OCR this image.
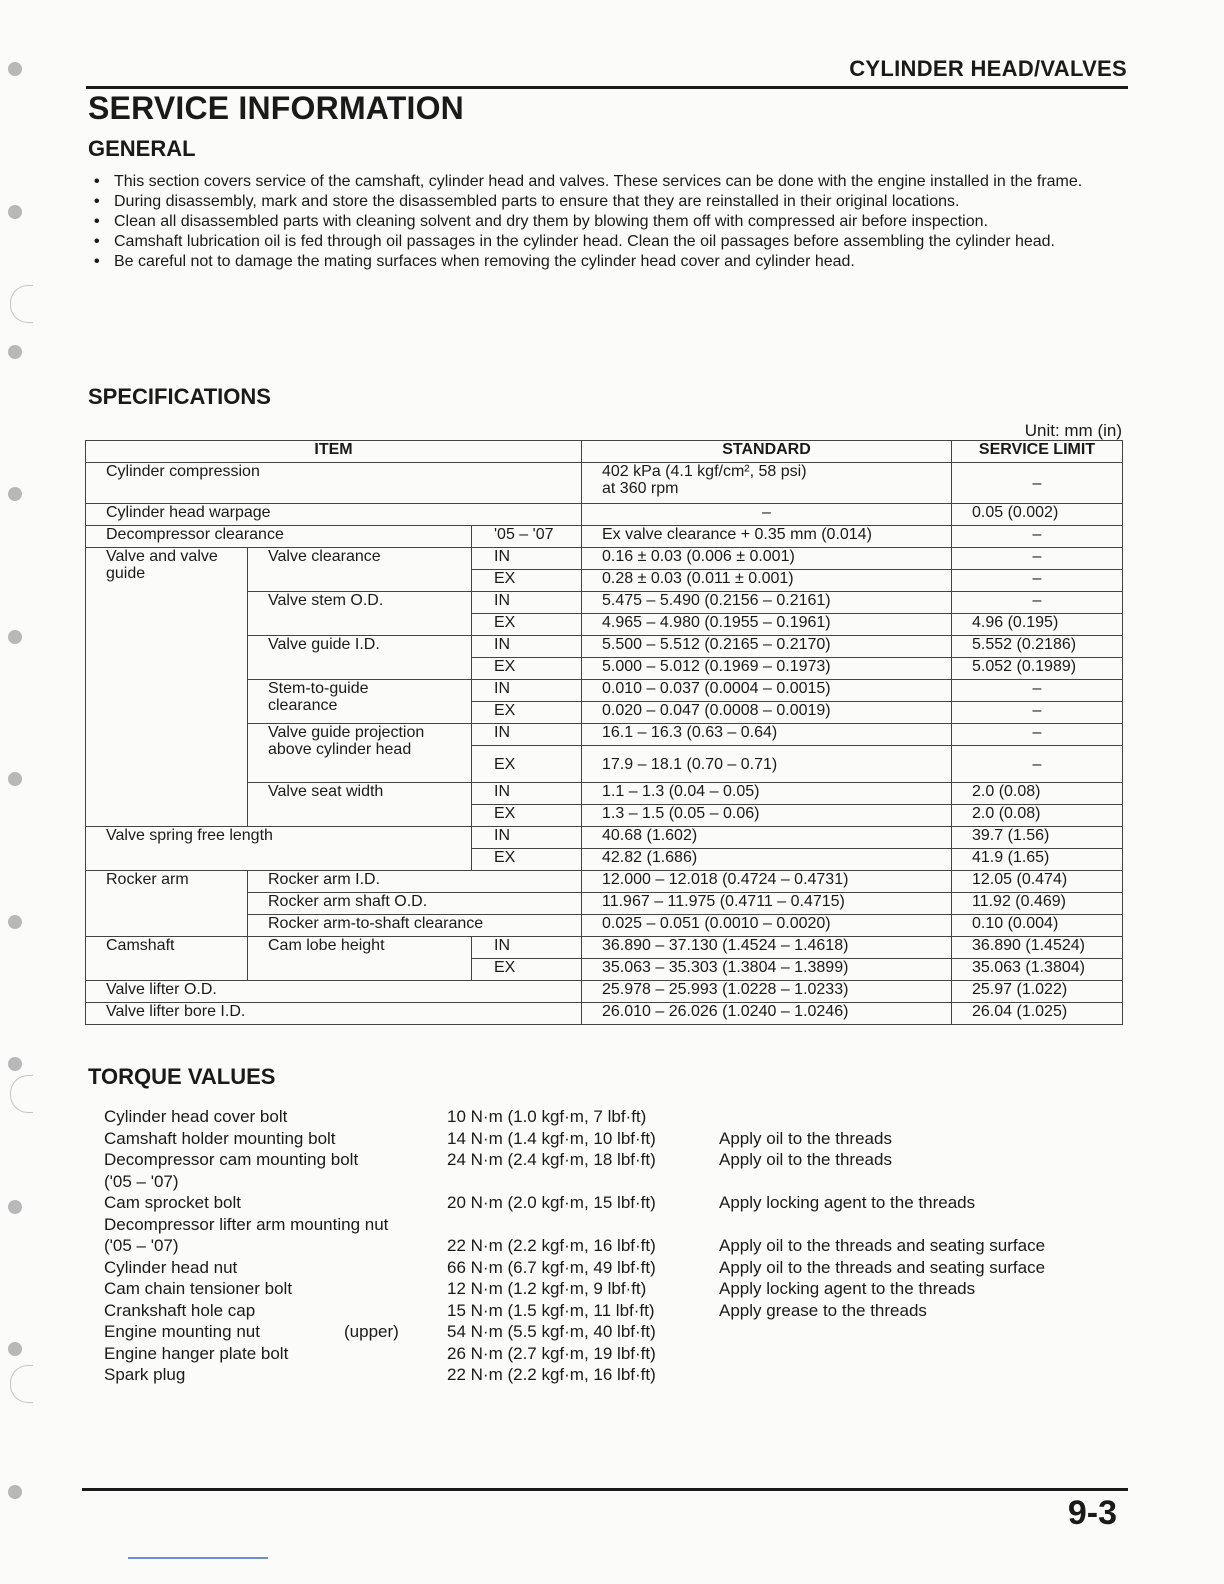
CYLINDER HEAD/VALVES
SERVICE INFORMATION
GENERAL
• This section covers service of the camshaft, cylinder head and valves. These services can be done with the engine installed in the frame.
• During disassembly, mark and store the disassembled parts to ensure that they are reinstalled in their original locations.
• Clean all disassembled parts with cleaning solvent and dry them by blowing them off with compressed air before inspection.
• Camshaft lubrication oil is fed through oil passages in the cylinder head. Clean the oil passages before assembling the cylinder head.
• Be careful not to damage the mating surfaces when removing the cylinder head cover and cylinder head.
SPECIFICATIONS
Unit: mm (in)
ITEM			STANDARD	SERVICE LIMIT
Cylinder compression			402 kPa (4.1 kgf/cm², 58 psi)
at 360 rpm	–
Cylinder head warpage			–	0.05 (0.002)
Decompressor clearance		'05 – '07	Ex valve clearance + 0.35 mm (0.014)	–
Valve and valve guide	Valve clearance	IN	0.16 ± 0.03 (0.006 ± 0.001)	–
		EX	0.28 ± 0.03 (0.011 ± 0.001)	–
	Valve stem O.D.	IN	5.475 – 5.490 (0.2156 – 0.2161)	–
		EX	4.965 – 4.980 (0.1955 – 0.1961)	4.96 (0.195)
	Valve guide I.D.	IN	5.500 – 5.512 (0.2165 – 0.2170)	5.552 (0.2186)
		EX	5.000 – 5.012 (0.1969 – 0.1973)	5.052 (0.1989)
	Stem-to-guide clearance	IN	0.010 – 0.037 (0.0004 – 0.0015)	–
		EX	0.020 – 0.047 (0.0008 – 0.0019)	–
	Valve guide projection above cylinder head	IN	16.1 – 16.3 (0.63 – 0.64)	–
		EX	17.9 – 18.1 (0.70 – 0.71)	–
	Valve seat width	IN	1.1 – 1.3 (0.04 – 0.05)	2.0 (0.08)
		EX	1.3 – 1.5 (0.05 – 0.06)	2.0 (0.08)
Valve spring free length		IN	40.68 (1.602)	39.7 (1.56)
		EX	42.82 (1.686)	41.9 (1.65)
Rocker arm	Rocker arm I.D.		12.000 – 12.018 (0.4724 – 0.4731)	12.05 (0.474)
	Rocker arm shaft O.D.		11.967 – 11.975 (0.4711 – 0.4715)	11.92 (0.469)
	Rocker arm-to-shaft clearance		0.025 – 0.051 (0.0010 – 0.0020)	0.10 (0.004)
Camshaft	Cam lobe height	IN	36.890 – 37.130 (1.4524 – 1.4618)	36.890 (1.4524)
		EX	35.063 – 35.303 (1.3804 – 1.3899)	35.063 (1.3804)
Valve lifter O.D.			25.978 – 25.993 (1.0228 – 1.0233)	25.97 (1.022)
Valve lifter bore I.D.			26.010 – 26.026 (1.0240 – 1.0246)	26.04 (1.025)
TORQUE VALUES
Cylinder head cover bolt	10 N·m (1.0 kgf·m, 7 lbf·ft)
Camshaft holder mounting bolt	14 N·m (1.4 kgf·m, 10 lbf·ft)	Apply oil to the threads
Decompressor cam mounting bolt	24 N·m (2.4 kgf·m, 18 lbf·ft)	Apply oil to the threads
('05 – '07)
Cam sprocket bolt	20 N·m (2.0 kgf·m, 15 lbf·ft)	Apply locking agent to the threads
Decompressor lifter arm mounting nut ('05 – '07)	22 N·m (2.2 kgf·m, 16 lbf·ft)	Apply oil to the threads and seating surface
Cylinder head nut	66 N·m (6.7 kgf·m, 49 lbf·ft)	Apply oil to the threads and seating surface
Cam chain tensioner bolt	12 N·m (1.2 kgf·m, 9 lbf·ft)	Apply locking agent to the threads
Crankshaft hole cap	15 N·m (1.5 kgf·m, 11 lbf·ft)	Apply grease to the threads
Engine mounting nut	(upper)	54 N·m (5.5 kgf·m, 40 lbf·ft)
Engine hanger plate bolt	26 N·m (2.7 kgf·m, 19 lbf·ft)
Spark plug	22 N·m (2.2 kgf·m, 16 lbf·ft)
9-3
